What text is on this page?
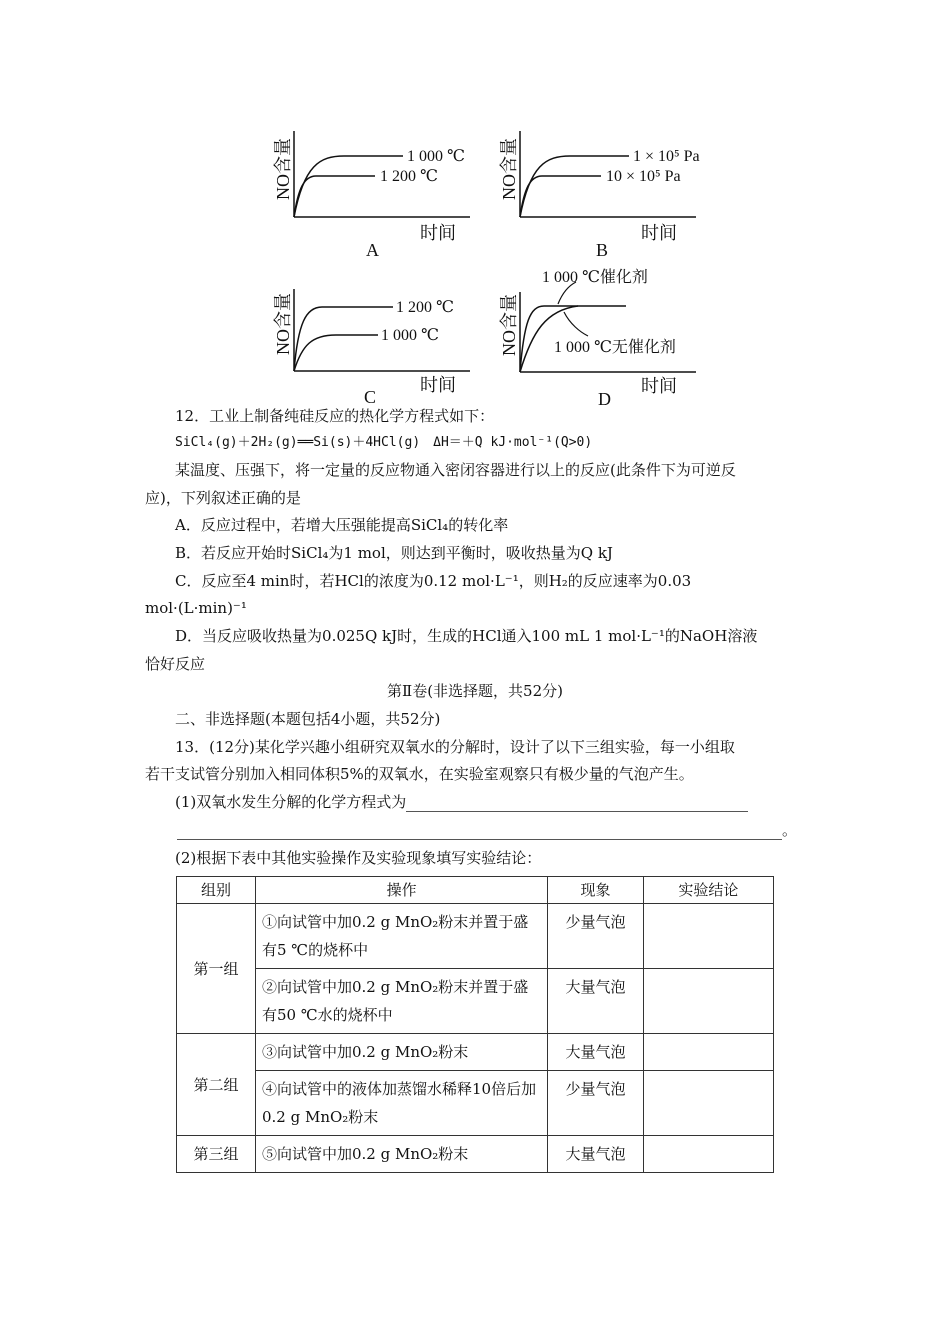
NO含量
时间
1 000 ℃
1 200 ℃
A
NO含量
时间
1 × 10⁵ Pa
10 × 10⁵ Pa
B
NO含量
时间
1 200 ℃
1 000 ℃
C
NO含量
时间
1 000 ℃催化剂
1 000 ℃无催化剂
D
12．工业上制备纯硅反应的热化学方程式如下：
SiCl₄(g)＋2H₂(g)══Si(s)＋4HCl(g)　ΔH＝＋Q kJ·mol⁻¹(Q>0)
某温度、压强下，将一定量的反应物通入密闭容器进行以上的反应(此条件下为可逆反
应)，下列叙述正确的是
A．反应过程中，若增大压强能提高SiCl₄的转化率
B．若反应开始时SiCl₄为1 mol，则达到平衡时，吸收热量为Q kJ
C．反应至4 min时，若HCl的浓度为0.12 mol·L⁻¹，则H₂的反应速率为0.03
mol·(L·min)⁻¹
D．当反应吸收热量为0.025Q kJ时，生成的HCl通入100 mL 1 mol·L⁻¹的NaOH溶液
恰好反应
第Ⅱ卷(非选择题，共52分)
二、非选择题(本题包括4小题，共52分)
13．(12分)某化学兴趣小组研究双氧水的分解时，设计了以下三组实验，每一小组取
若干支试管分别加入相同体积5%的双氧水，在实验室观察只有极少量的气泡产生。
(1)双氧水发生分解的化学方程式为
。
(2)根据下表中其他实验操作及实验现象填写实验结论：
组别	操作	现象	实验结论
第一组	①向试管中加0.2 g MnO₂粉末并置于盛有5 ℃的烧杯中	少量气泡	
	②向试管中加0.2 g MnO₂粉末并置于盛有50 ℃水的烧杯中	大量气泡	
第二组	③向试管中加0.2 g MnO₂粉末	大量气泡	
	④向试管中的液体加蒸馏水稀释10倍后加0.2 g MnO₂粉末	少量气泡	
第三组	⑤向试管中加0.2 g MnO₂粉末	大量气泡	
